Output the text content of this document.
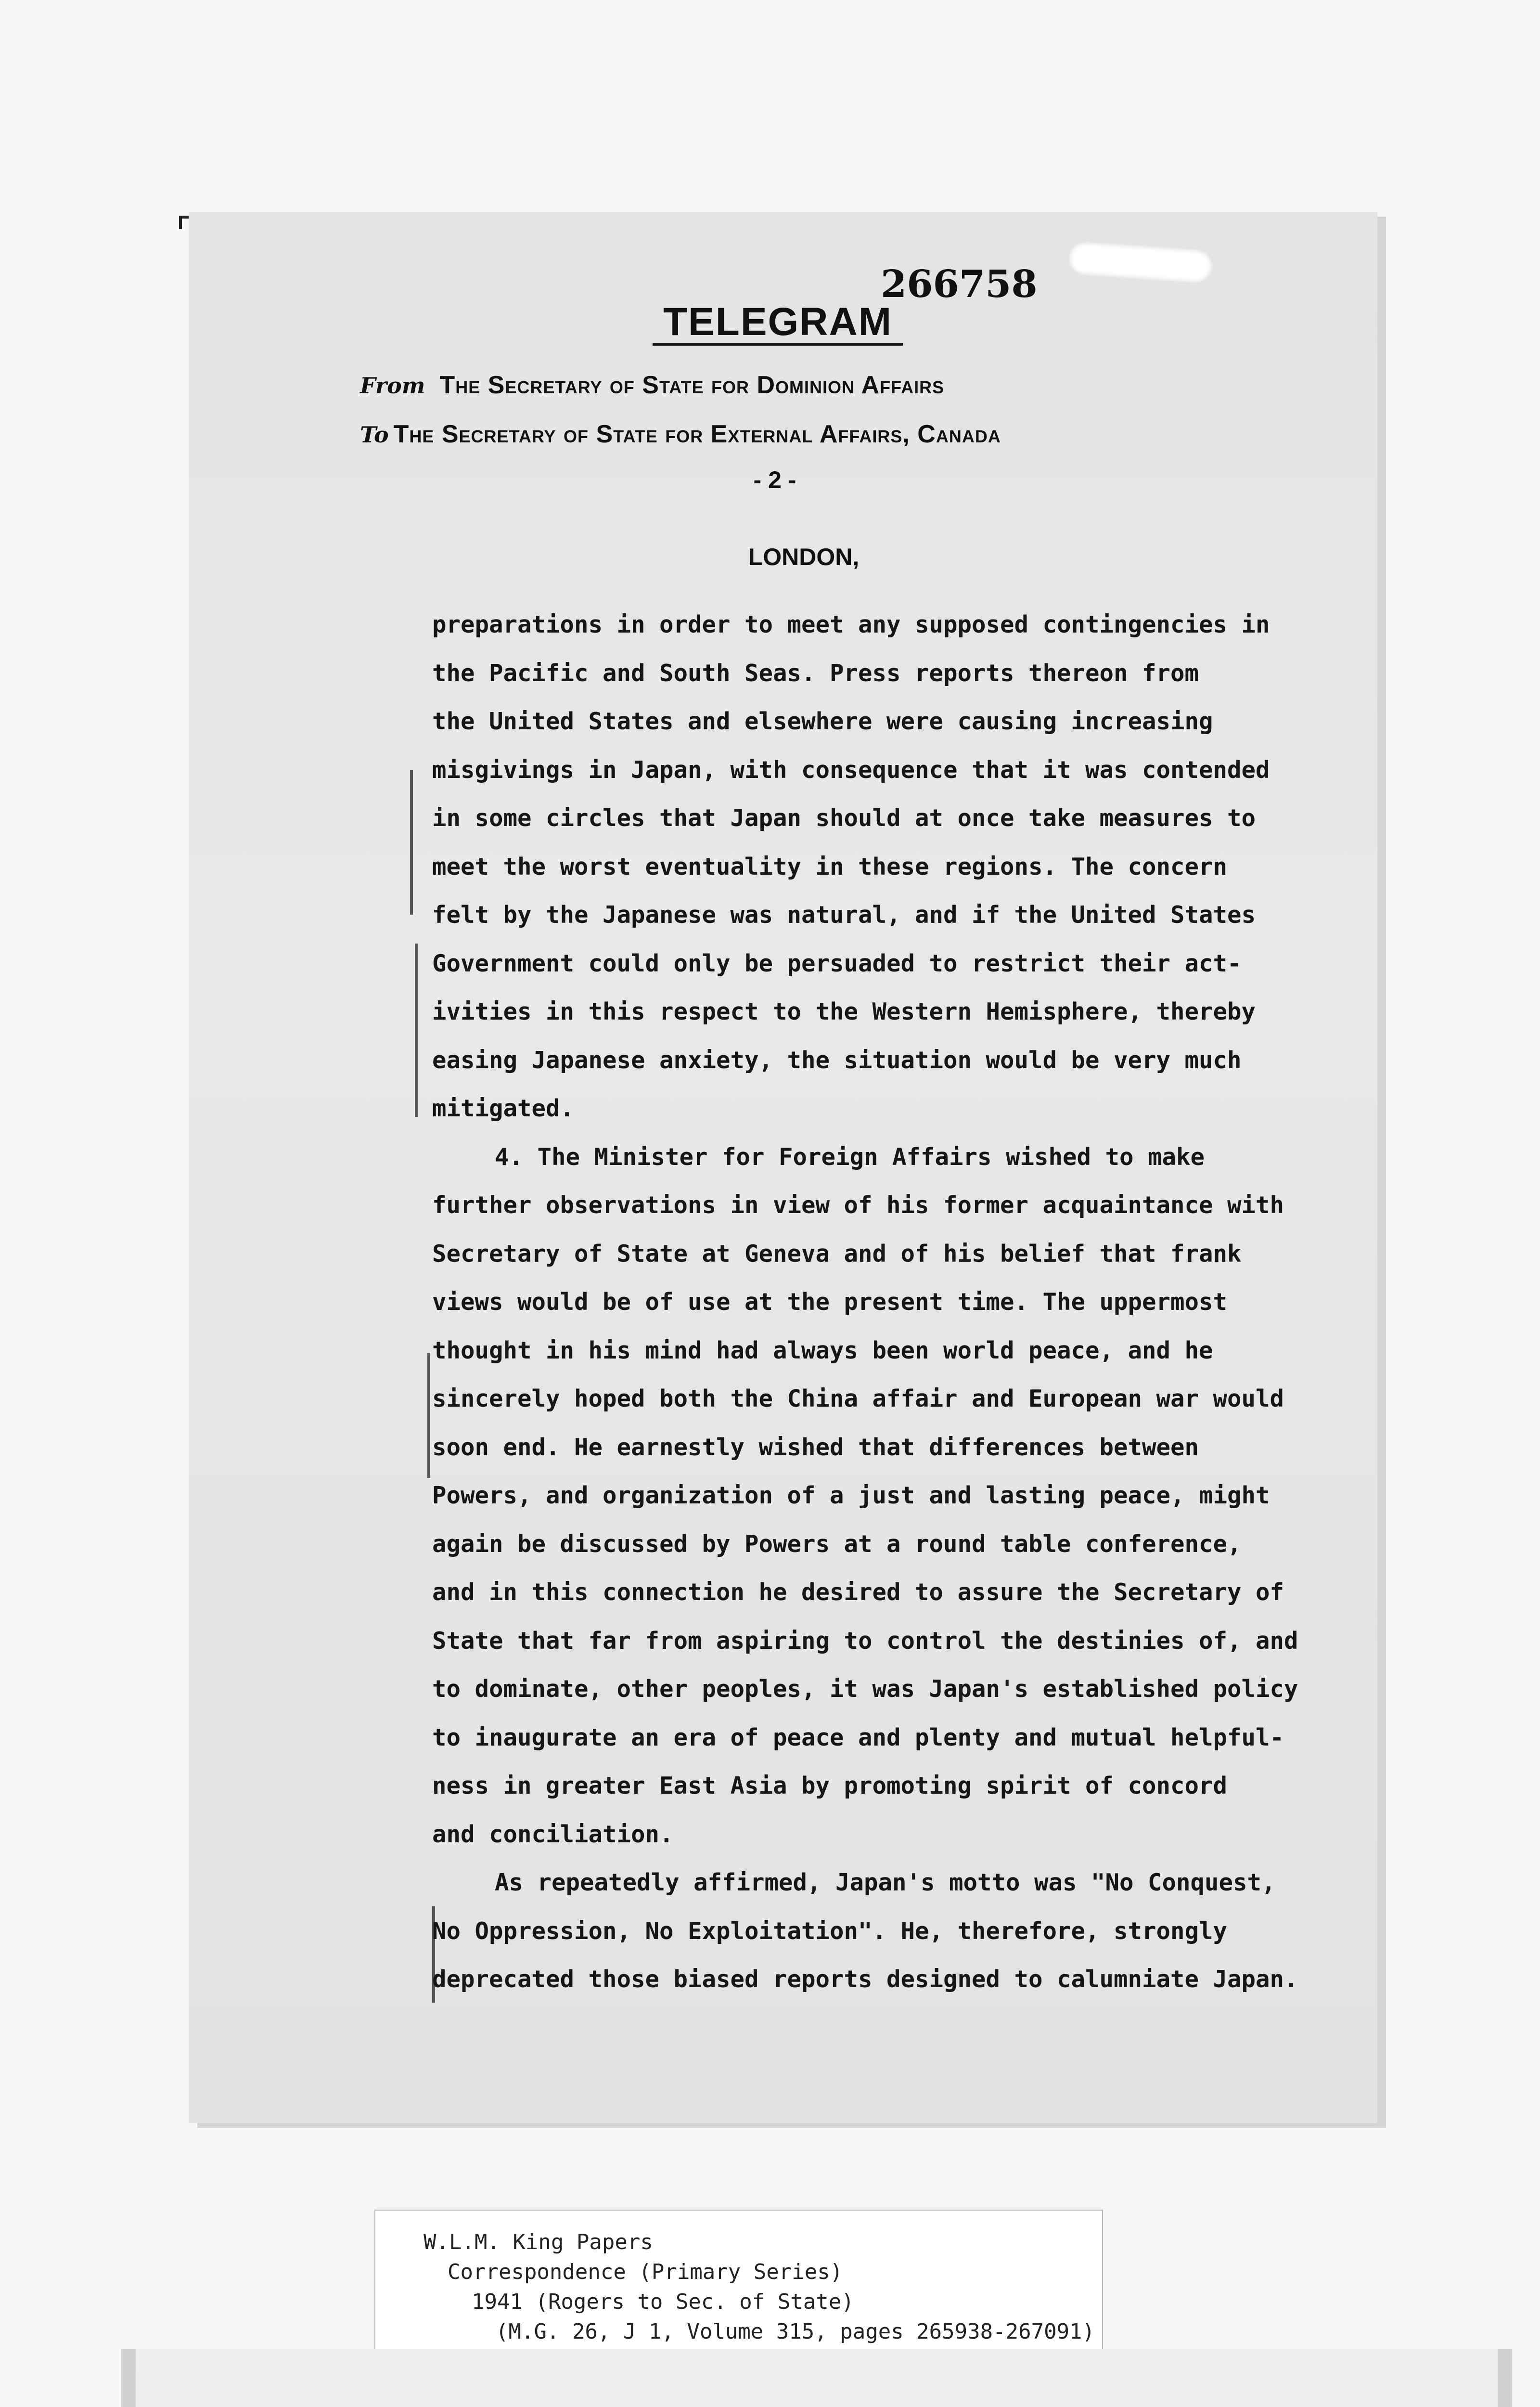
266758
TELEGRAM
From The Secretary of State for Dominion Affairs
To The Secretary of State for External Affairs, Canada
- 2 -
LONDON,
preparations in order to meet any supposed contingencies in
the Pacific and South Seas. Press reports thereon from
the United States and elsewhere were causing increasing
misgivings in Japan, with consequence that it was contended
in some circles that Japan should at once take measures to
meet the worst eventuality in these regions. The concern
felt by the Japanese was natural, and if the United States
Government could only be persuaded to restrict their act-
ivities in this respect to the Western Hemisphere, thereby
easing Japanese anxiety, the situation would be very much
mitigated.
4. The Minister for Foreign Affairs wished to make
further observations in view of his former acquaintance with
Secretary of State at Geneva and of his belief that frank
views would be of use at the present time. The uppermost
thought in his mind had always been world peace, and he
sincerely hoped both the China affair and European war would
soon end. He earnestly wished that differences between
Powers, and organization of a just and lasting peace, might
again be discussed by Powers at a round table conference,
and in this connection he desired to assure the Secretary of
State that far from aspiring to control the destinies of, and
to dominate, other peoples, it was Japan's established policy
to inaugurate an era of peace and plenty and mutual helpful-
ness in greater East Asia by promoting spirit of concord
and conciliation.
As repeatedly affirmed, Japan's motto was "No Conquest,
No Oppression, No Exploitation". He, therefore, strongly
deprecated those biased reports designed to calumniate Japan.
W.L.M. King Papers
Correspondence (Primary Series)
1941 (Rogers to Sec. of State)
(M.G. 26, J 1, Volume 315, pages 265938-267091)
